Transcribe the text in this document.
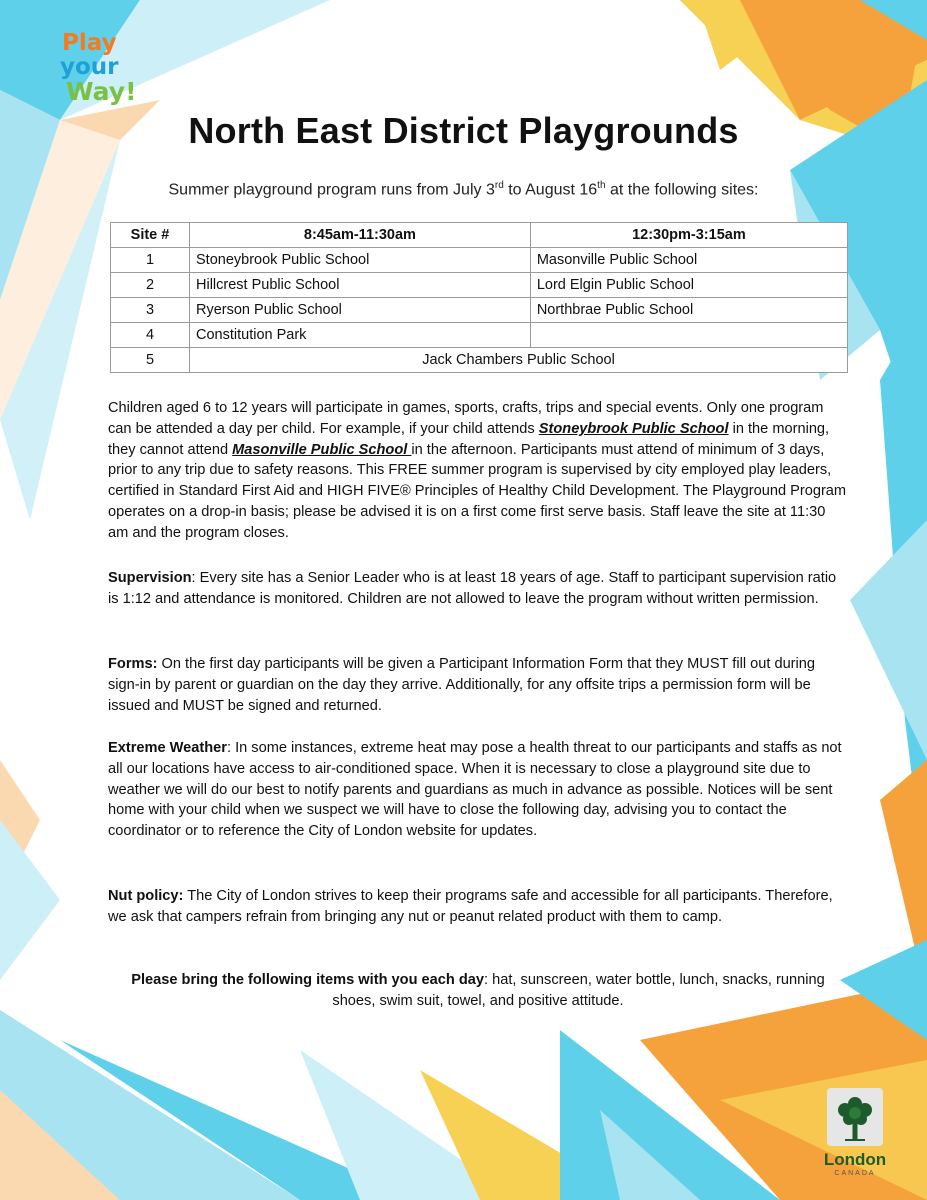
Play
your
Way!
North East District Playgrounds
Summer playground program runs from July 3rd to August 16th at the following sites:
Site #	8:45am-11:30am	12:30pm-3:15am
1	Stoneybrook Public School	Masonville Public School
2	Hillcrest Public School	Lord Elgin Public School
3	Ryerson Public School	Northbrae Public School
4	Constitution Park	
5	Jack Chambers Public School	
Children aged 6 to 12 years will participate in games, sports, crafts, trips and special events. Only one program can be attended a day per child. For example, if your child attends Stoneybrook Public School in the morning, they cannot attend Masonville Public School in the afternoon. Participants must attend of minimum of 3 days, prior to any trip due to safety reasons. This FREE summer program is supervised by city employed play leaders, certified in Standard First Aid and HIGH FIVE® Principles of Healthy Child Development. The Playground Program operates on a drop-in basis; please be advised it is on a first come first serve basis. Staff leave the site at 11:30 am and the program closes.
Supervision: Every site has a Senior Leader who is at least 18 years of age. Staff to participant supervision ratio is 1:12 and attendance is monitored. Children are not allowed to leave the program without written permission.
Forms: On the first day participants will be given a Participant Information Form that they MUST fill out during sign-in by parent or guardian on the day they arrive. Additionally, for any offsite trips a permission form will be issued and MUST be signed and returned.
Extreme Weather: In some instances, extreme heat may pose a health threat to our participants and staffs as not all our locations have access to air-conditioned space. When it is necessary to close a playground site due to weather we will do our best to notify parents and guardians as much in advance as possible. Notices will be sent home with your child when we suspect we will have to close the following day, advising you to contact the coordinator or to reference the City of London website for updates.
Nut policy: The City of London strives to keep their programs safe and accessible for all participants. Therefore, we ask that campers refrain from bringing any nut or peanut related product with them to camp.
Please bring the following items with you each day: hat, sunscreen, water bottle, lunch, snacks, running shoes, swim suit, towel, and positive attitude.
London
CANADA
